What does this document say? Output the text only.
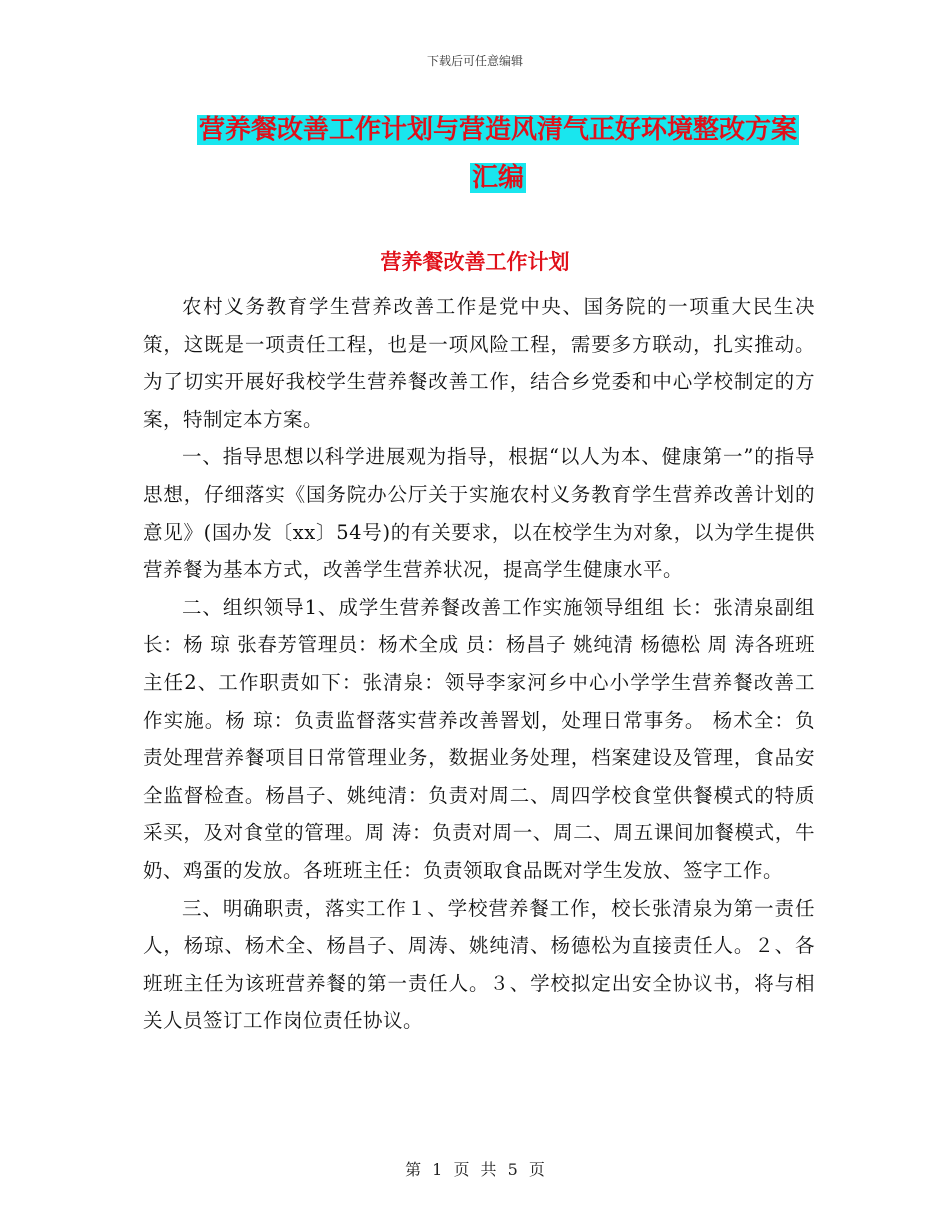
下载后可任意编辑
营养餐改善工作计划与营造风清气正好环境整改方案
汇编
营养餐改善工作计划

农村义务教育学生营养改善工作是党中央、国务院的一项重大民生决策，这既是一项责任工程，也是一项风险工程，需要多方联动，扎实推动。为了切实开展好我校学生营养餐改善工作，结合乡党委和中心学校制定的方案，特制定本方案。

一、指导思想以科学进展观为指导，根据“以人为本、健康第一”的指导思想，仔细落实《国务院办公厅关于实施农村义务教育学生营养改善计划的意见》(国办发〔xx〕54号)的有关要求，以在校学生为对象，以为学生提供营养餐为基本方式，改善学生营养状况，提高学生健康水平。

二、组织领导1、成学生营养餐改善工作实施领导组组 长：张清泉副组长：杨 琼 张春芳管理员：杨术全成 员：杨昌子 姚纯清 杨德松 周 涛各班班主任2、工作职责如下：张清泉：领导李家河乡中心小学学生营养餐改善工作实施。杨 琼：负责监督落实营养改善罯划，处理日常事务。 杨术全：负责处理营养餐项目日常管理业务，数据业务处理，档案建设及管理，食品安全监督检查。杨昌子、姚纯清：负责对周二、周四学校食堂供餐模式的特质采买，及对食堂的管理。周 涛：负责对周一、周二、周五课间加餐模式，牛奶、鸡蛋的发放。各班班主任：负责领取食品既对学生发放、签字工作。

三、明确职责，落实工作１、学校营养餐工作，校长张清泉为第一责任人，杨琼、杨术全、杨昌子、周涛、姚纯清、杨德松为直接责任人。２、各班班主任为该班营养餐的第一责任人。３、学校拟定出安全协议书，将与相关人员签订工作岗位责任协议。

第 1 页 共 5 页
